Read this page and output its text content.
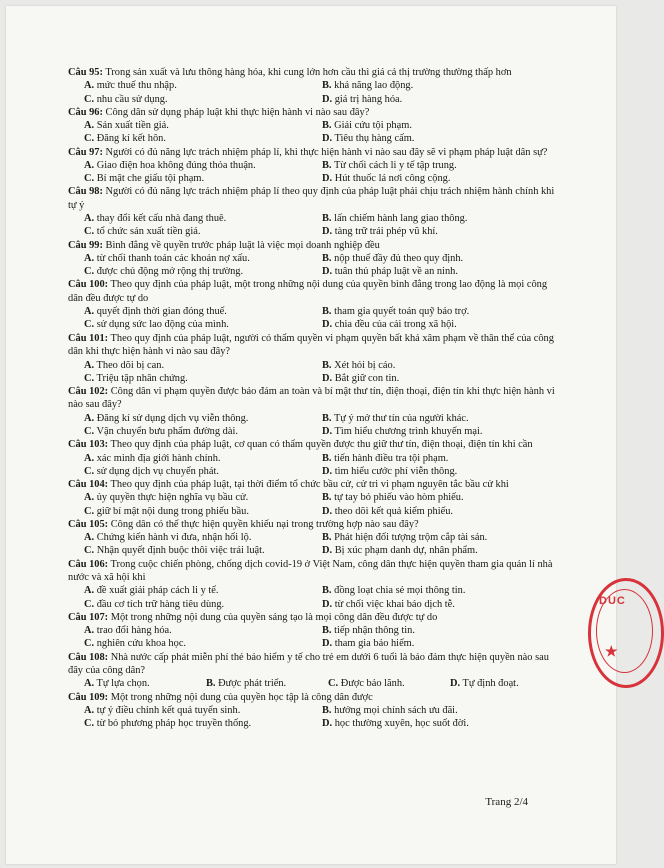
Câu 95: Trong sản xuất và lưu thông hàng hóa, khi cung lớn hơn cầu thì giá cả thị trường thường thấp hơn

A. mức thuế thu nhập.	B. khả năng lao động.
C. nhu cầu sử dụng.	D. giá trị hàng hóa.

Câu 96: Công dân sử dụng pháp luật khi thực hiện hành vi nào sau đây?

A. Sản xuất tiền giả.	B. Giải cứu tội phạm.
C. Đăng kí kết hôn.	D. Tiêu thụ hàng cấm.

Câu 97: Người có đủ năng lực trách nhiệm pháp lí, khi thực hiện hành vi nào sau đây sẽ vi phạm pháp luật dân sự?

A. Giao điện hoa không đúng thỏa thuận.	B. Từ chối cách li y tế tập trung.
C. Bí mật che giấu tội phạm.	D. Hút thuốc lá nơi công cộng.

Câu 98: Người có đủ năng lực trách nhiệm pháp lí theo quy định của pháp luật phải chịu trách nhiệm hành chính khi tự ý

A. thay đổi kết cấu nhà đang thuê.	B. lấn chiếm hành lang giao thông.
C. tổ chức sản xuất tiền giả.	D. tàng trữ trái phép vũ khí.

Câu 99: Bình đẳng về quyền trước pháp luật là việc mọi doanh nghiệp đều

A. từ chối thanh toán các khoản nợ xấu.	B. nộp thuế đầy đủ theo quy định.
C. được chủ động mở rộng thị trường.	D. tuân thủ pháp luật về an ninh.

Câu 100: Theo quy định của pháp luật, một trong những nội dung của quyền bình đẳng trong lao động là mọi công dân đều được tự do

A. quyết định thời gian đóng thuế.	B. tham gia quyết toán quỹ bảo trợ.
C. sử dụng sức lao động của mình.	D. chia đều của cải trong xã hội.

Câu 101: Theo quy định của pháp luật, người có thẩm quyền vi phạm quyền bất khả xâm phạm về thân thể của công dân khi thực hiện hành vi nào sau đây?

A. Theo dõi bị can.	B. Xét hỏi bị cáo.
C. Triệu tập nhân chứng.	D. Bắt giữ con tin.

Câu 102: Công dân vi phạm quyền được bảo đảm an toàn và bí mật thư tín, điện thoại, điện tín khi thực hiện hành vi nào sau đây?

A. Đăng kí sử dụng dịch vụ viễn thông.	B. Tự ý mở thư tín của người khác.
C. Vận chuyển bưu phẩm đường dài.	D. Tìm hiểu chương trình khuyến mại.

Câu 103: Theo quy định của pháp luật, cơ quan có thẩm quyền được thu giữ thư tín, điện thoại, điện tín khi cần

A. xác minh địa giới hành chính.	B. tiến hành điều tra tội phạm.
C. sử dụng dịch vụ chuyển phát.	D. tìm hiểu cước phí viễn thông.

Câu 104: Theo quy định của pháp luật, tại thời điểm tổ chức bầu cử, cử tri vi phạm nguyên tắc bầu cử khi

A. ủy quyền thực hiện nghĩa vụ bầu cử.	B. tự tay bỏ phiếu vào hòm phiếu.
C. giữ bí mật nội dung trong phiếu bầu.	D. theo dõi kết quả kiểm phiếu.

Câu 105: Công dân có thể thực hiện quyền khiếu nại trong trường hợp nào sau đây?

A. Chứng kiến hành vi đưa, nhận hối lộ.	B. Phát hiện đối tượng trộm cắp tài sản.
C. Nhận quyết định buộc thôi việc trái luật.	D. Bị xúc phạm danh dự, nhân phẩm.

Câu 106: Trong cuộc chiến phòng, chống dịch covid-19 ở Việt Nam, công dân thực hiện quyền tham gia quản lí nhà nước và xã hội khi

A. đề xuất giải pháp cách li y tế.	B. đồng loạt chia sẻ mọi thông tin.
C. đầu cơ tích trữ hàng tiêu dùng.	D. từ chối việc khai báo dịch tễ.

Câu 107: Một trong những nội dung của quyền sáng tạo là mọi công dân đều được tự do

A. trao đổi hàng hóa.	B. tiếp nhận thông tin.
C. nghiên cứu khoa học.	D. tham gia bảo hiểm.

Câu 108: Nhà nước cấp phát miễn phí thẻ bảo hiểm y tế cho trẻ em dưới 6 tuổi là bảo đảm thực hiện quyền nào sau đây của công dân?

A. Tự lựa chọn.	B. Được phát triển.	C. Được bảo lãnh.	D. Tự định đoạt.

Câu 109: Một trong những nội dung của quyền học tập là công dân được

A. tự ý điều chỉnh kết quả tuyển sinh.	B. hưởng mọi chính sách ưu đãi.
C. từ bỏ phương pháp học truyền thống.	D. học thường xuyên, học suốt đời.
Trang 2/4
DUC
★
